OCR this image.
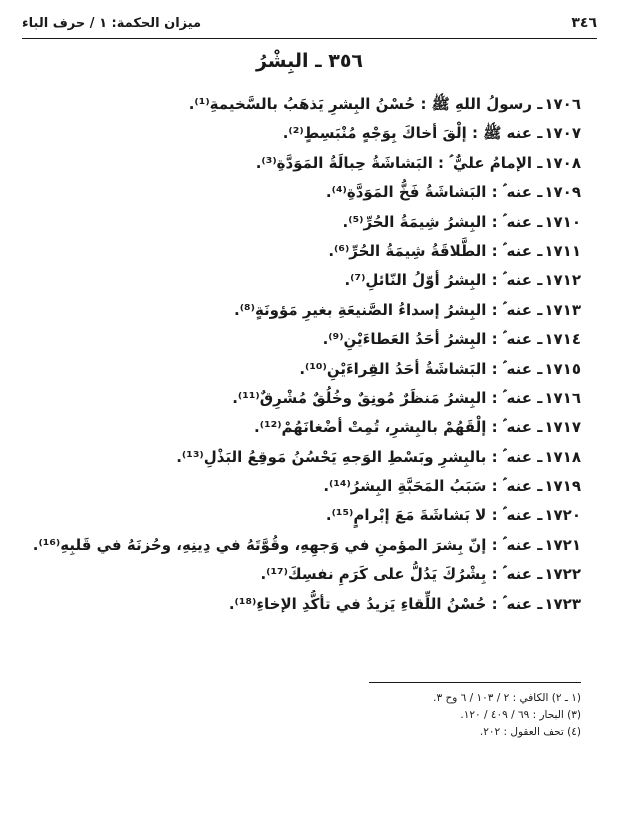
٣٤٦
ميزان الحكمة: ١ / حرف الباء
٣٥٦ ـ البِشْرُ
١٧٠٦ـ رسولُ اللهِ ﷺ : حُسْنُ البِشرِ يَذهَبُ بالسَّخيمةِ⁽¹⁾.
١٧٠٧ـ عنه ﷺ : إلْقَ أخاكَ بِوَجْهٍ مُنْبَسِطٍ⁽²⁾.
١٧٠٨ـ الإمامُ عليٌّ ؑ : البَشاشَةُ حِبالَةُ المَوَدَّةِ⁽³⁾.
١٧٠٩ـ عنه ؑ : البَشاشَةُ فَخُّ المَوَدَّةِ⁽⁴⁾.
١٧١٠ـ عنه ؑ : البِشرُ شِيمَةُ الحُرِّ⁽⁵⁾.
١٧١١ـ عنه ؑ : الطَّلاقَةُ شِيمَةُ الحُرِّ⁽⁶⁾.
١٧١٢ـ عنه ؑ : البِشرُ أوّلُ النّائلِ⁽⁷⁾.
١٧١٣ـ عنه ؑ : البِشرُ إسداءُ الصَّنيعَةِ بغيرِ مَؤونَةٍ⁽⁸⁾.
١٧١٤ـ عنه ؑ : البِشرُ أحَدُ العَطاءَيْنِ⁽⁹⁾.
١٧١٥ـ عنه ؑ : البَشاشَةُ أحَدُ القِراءَيْنِ⁽¹⁰⁾.
١٧١٦ـ عنه ؑ : البِشرُ مَنظَرٌ مُونِقٌ وخُلُقٌ مُشْرِقٌ⁽¹¹⁾.
١٧١٧ـ عنه ؑ : إلْقَهُمْ بالبِشرِ، تُمِتْ أضْغانَهُمْ⁽¹²⁾.
١٧١٨ـ عنه ؑ : بالبِشرِ وبَسْطِ الوَجهِ يَحْسُنُ مَوقِعُ البَذْلِ⁽¹³⁾.
١٧١٩ـ عنه ؑ : سَبَبُ المَحَبَّةِ البِشرُ⁽¹⁴⁾.
١٧٢٠ـ عنه ؑ : لا بَشاشَةَ مَعَ إبْرامٍ⁽¹⁵⁾.
١٧٢١ـ عنه ؑ : إنّ بِشرَ المؤمنِ في وَجهِهِ، وقُوَّتَهُ في دِينِهِ، وحُزنَهُ في قَلبِهِ⁽¹⁶⁾.
١٧٢٢ـ عنه ؑ : بِشْرُكَ يَدُلُّ على كَرَمِ نفسِكَ⁽¹⁷⁾.
١٧٢٣ـ عنه ؑ : حُسْنُ اللِّقاءِ يَزيدُ في تأكُّدِ الإخاءِ⁽¹⁸⁾.
(١ ـ ٢) الكافي : ٢ / ١٠٣ / ٦ وح ٣.
(٣) البحار : ٦٩ / ٤٠٩ / ١٢٠.
(٤) تحف العقول : ٢٠٢.
